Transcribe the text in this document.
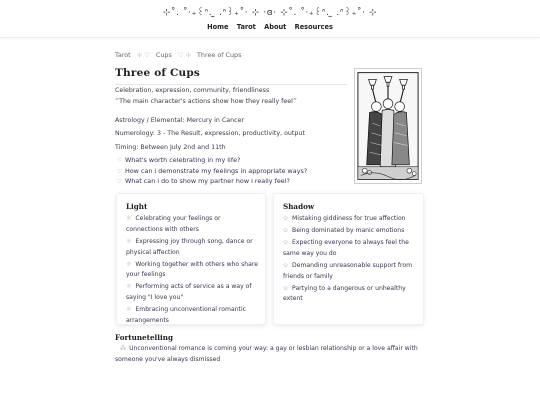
⊹˚. ˚‧₊꒰ᐢ. ̫ .ᐢ꒱₊˚‧ ⊹ ·ɞ· ⊹˚. ˚‧₊꒰ᐢ. ̫ .ᐢ꒱₊˚‧ ⊹
Home Tarot About Resources
Tarot ⊹ ♡ Cups ♡ ⊹ Three of Cups
Three of Cups
Celebration, expression, community, friendliness
“The main character's actions show how they really feel”
Astrology / Elemental: Mercury in Cancer
Numerology: 3 - The Result, expression, productivity, output
Timing: Between July 2nd and 11th
♡ What's worth celebrating in my life?
♡ How can i demonstrate my feelings in appropriate ways?
♡ What can i do to show my partner how i really feel?
Light
☼ Celebrating your feelings or connections with others
☼ Expressing joy through song, dance or physical affection
☼ Working together with others who share your feelings
☼ Performing acts of service as a way of saying "I love you"
☼ Embracing unconventional romantic arrangements
Shadow
✩ Mistaking giddiness for true affection
✩ Being dominated by manic emotions
✩ Expecting everyone to always feel the same way you do
✩ Demanding unreasonable support from friends or family
✩ Partying to a dangerous or unhealthy extent
Fortunetelling
⁂ Unconventional romance is coming your way: a gay or lesbian relationship or a love affair with someone you've always dismissed
